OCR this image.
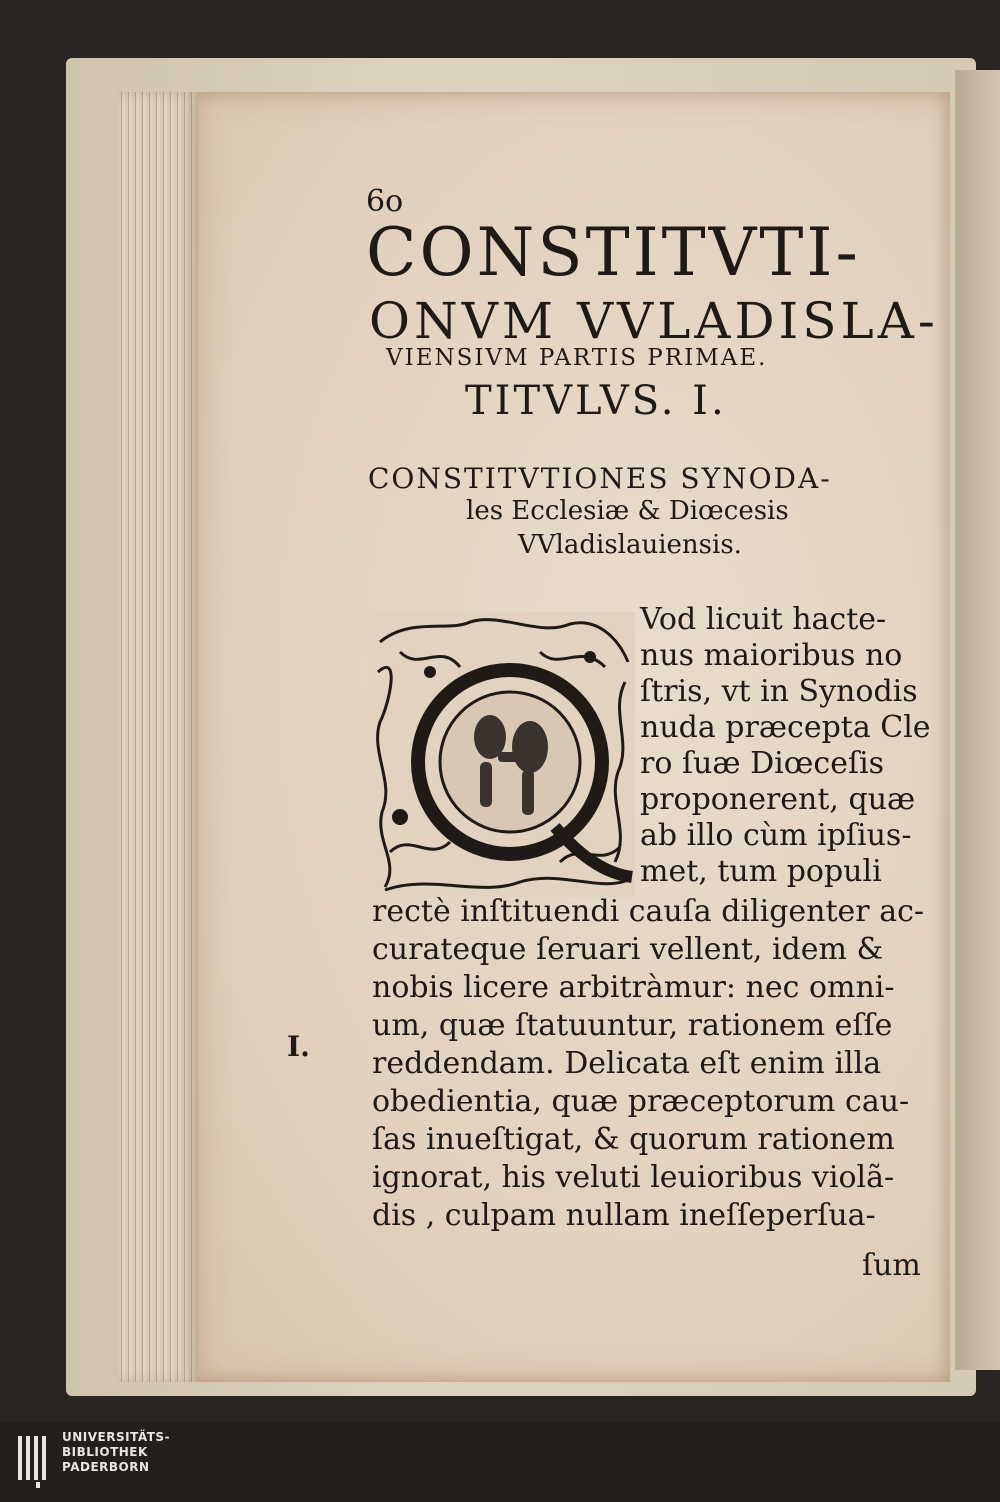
6o
CONSTITVTI-
ONVM VVLADISLA-
VIENSIVM PARTIS PRIMAE.
TITVLVS. I.
CONSTITVTIONES SYNODA-
les Ecclesiæ & Diœcesis
VVladislauiensis.
Vod licuit hacte-
nus maioribus no
ſtris, vt in Synodis
nuda præcepta Cle
ro ſuæ Diœceſis
proponerent, quæ
ab illo cùm ipſius-
met, tum populi
rectè inſtituendi cauſa diligenter ac-
curateque ſeruari vellent, idem &
nobis licere arbitràmur: nec omni-
um, quæ ſtatuuntur, rationem eſſe
reddendam. Delicata eſt enim illa
obedientia, quæ præceptorum cau-
ſas inueſtigat, & quorum rationem
ignorat, his veluti leuioribus violã-
dis , culpam nullam ineſſeperſua-
I.
ſum
UNIVERSITÄTS-
BIBLIOTHEK
PADERBORN
